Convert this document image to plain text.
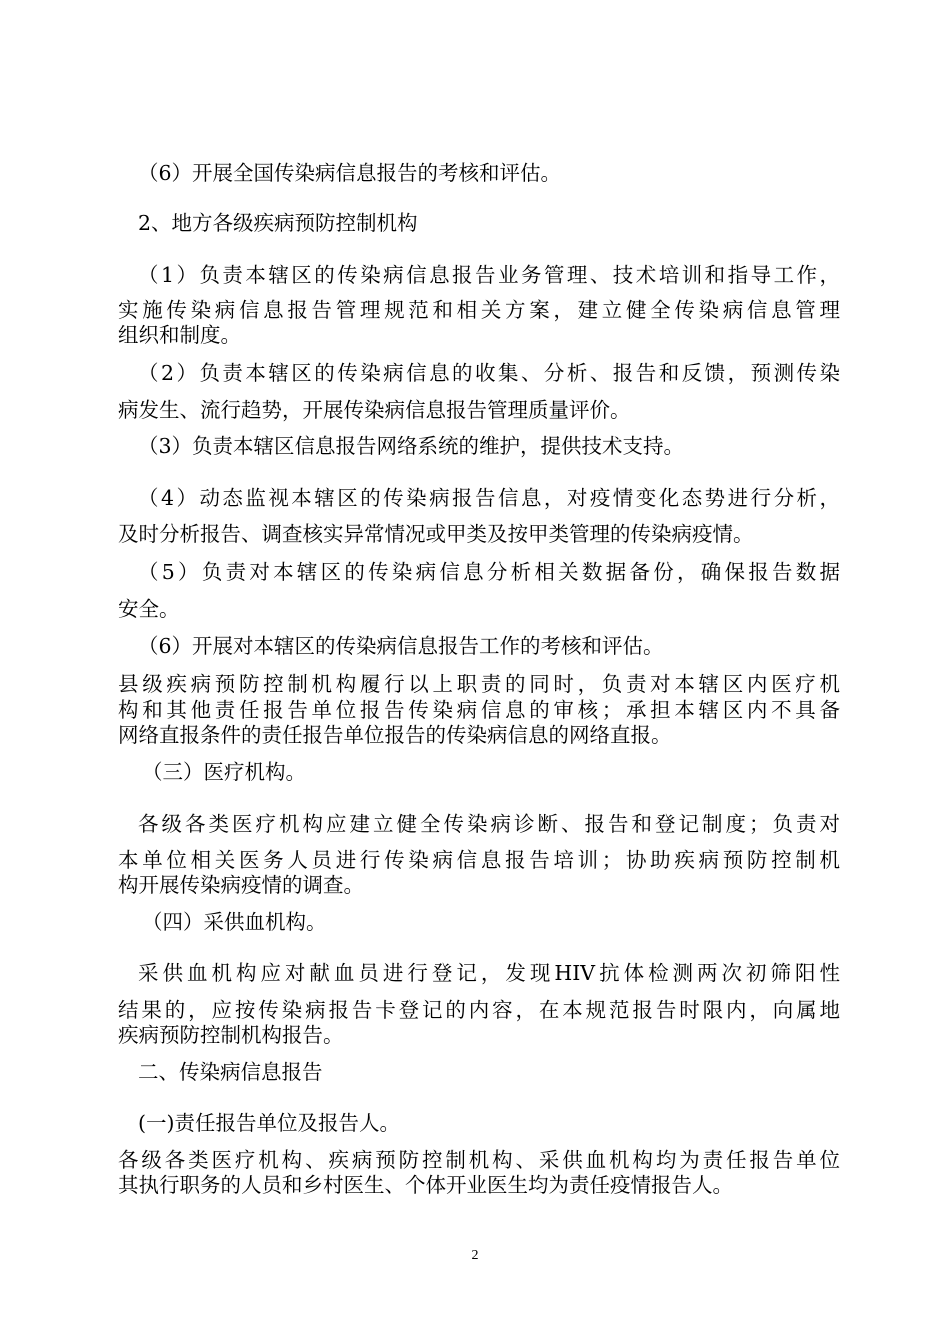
（6）开展全国传染病信息报告的考核和评估。
2、地方各级疾病预防控制机构
（1）负责本辖区的传染病信息报告业务管理、技术培训和指导工作，
实施传染病信息报告管理规范和相关方案，建立健全传染病信息管理
组织和制度。
（2）负责本辖区的传染病信息的收集、分析、报告和反馈，预测传染
病发生、流行趋势，开展传染病信息报告管理质量评价。
（3）负责本辖区信息报告网络系统的维护，提供技术支持。
（4）动态监视本辖区的传染病报告信息，对疫情变化态势进行分析，
及时分析报告、调查核实异常情况或甲类及按甲类管理的传染病疫情。
（5）负责对本辖区的传染病信息分析相关数据备份，确保报告数据
安全。
（6）开展对本辖区的传染病信息报告工作的考核和评估。
县级疾病预防控制机构履行以上职责的同时，负责对本辖区内医疗机
构和其他责任报告单位报告传染病信息的审核；承担本辖区内不具备
网络直报条件的责任报告单位报告的传染病信息的网络直报。
（三）医疗机构。
各级各类医疗机构应建立健全传染病诊断、报告和登记制度；负责对
本单位相关医务人员进行传染病信息报告培训；协助疾病预防控制机
构开展传染病疫情的调查。
（四）采供血机构。
采供血机构应对献血员进行登记，发现HIV抗体检测两次初筛阳性
结果的，应按传染病报告卡登记的内容，在本规范报告时限内，向属地
疾病预防控制机构报告。
二、传染病信息报告
(一)责任报告单位及报告人。
各级各类医疗机构、疾病预防控制机构、采供血机构均为责任报告单位
其执行职务的人员和乡村医生、个体开业医生均为责任疫情报告人。
2
